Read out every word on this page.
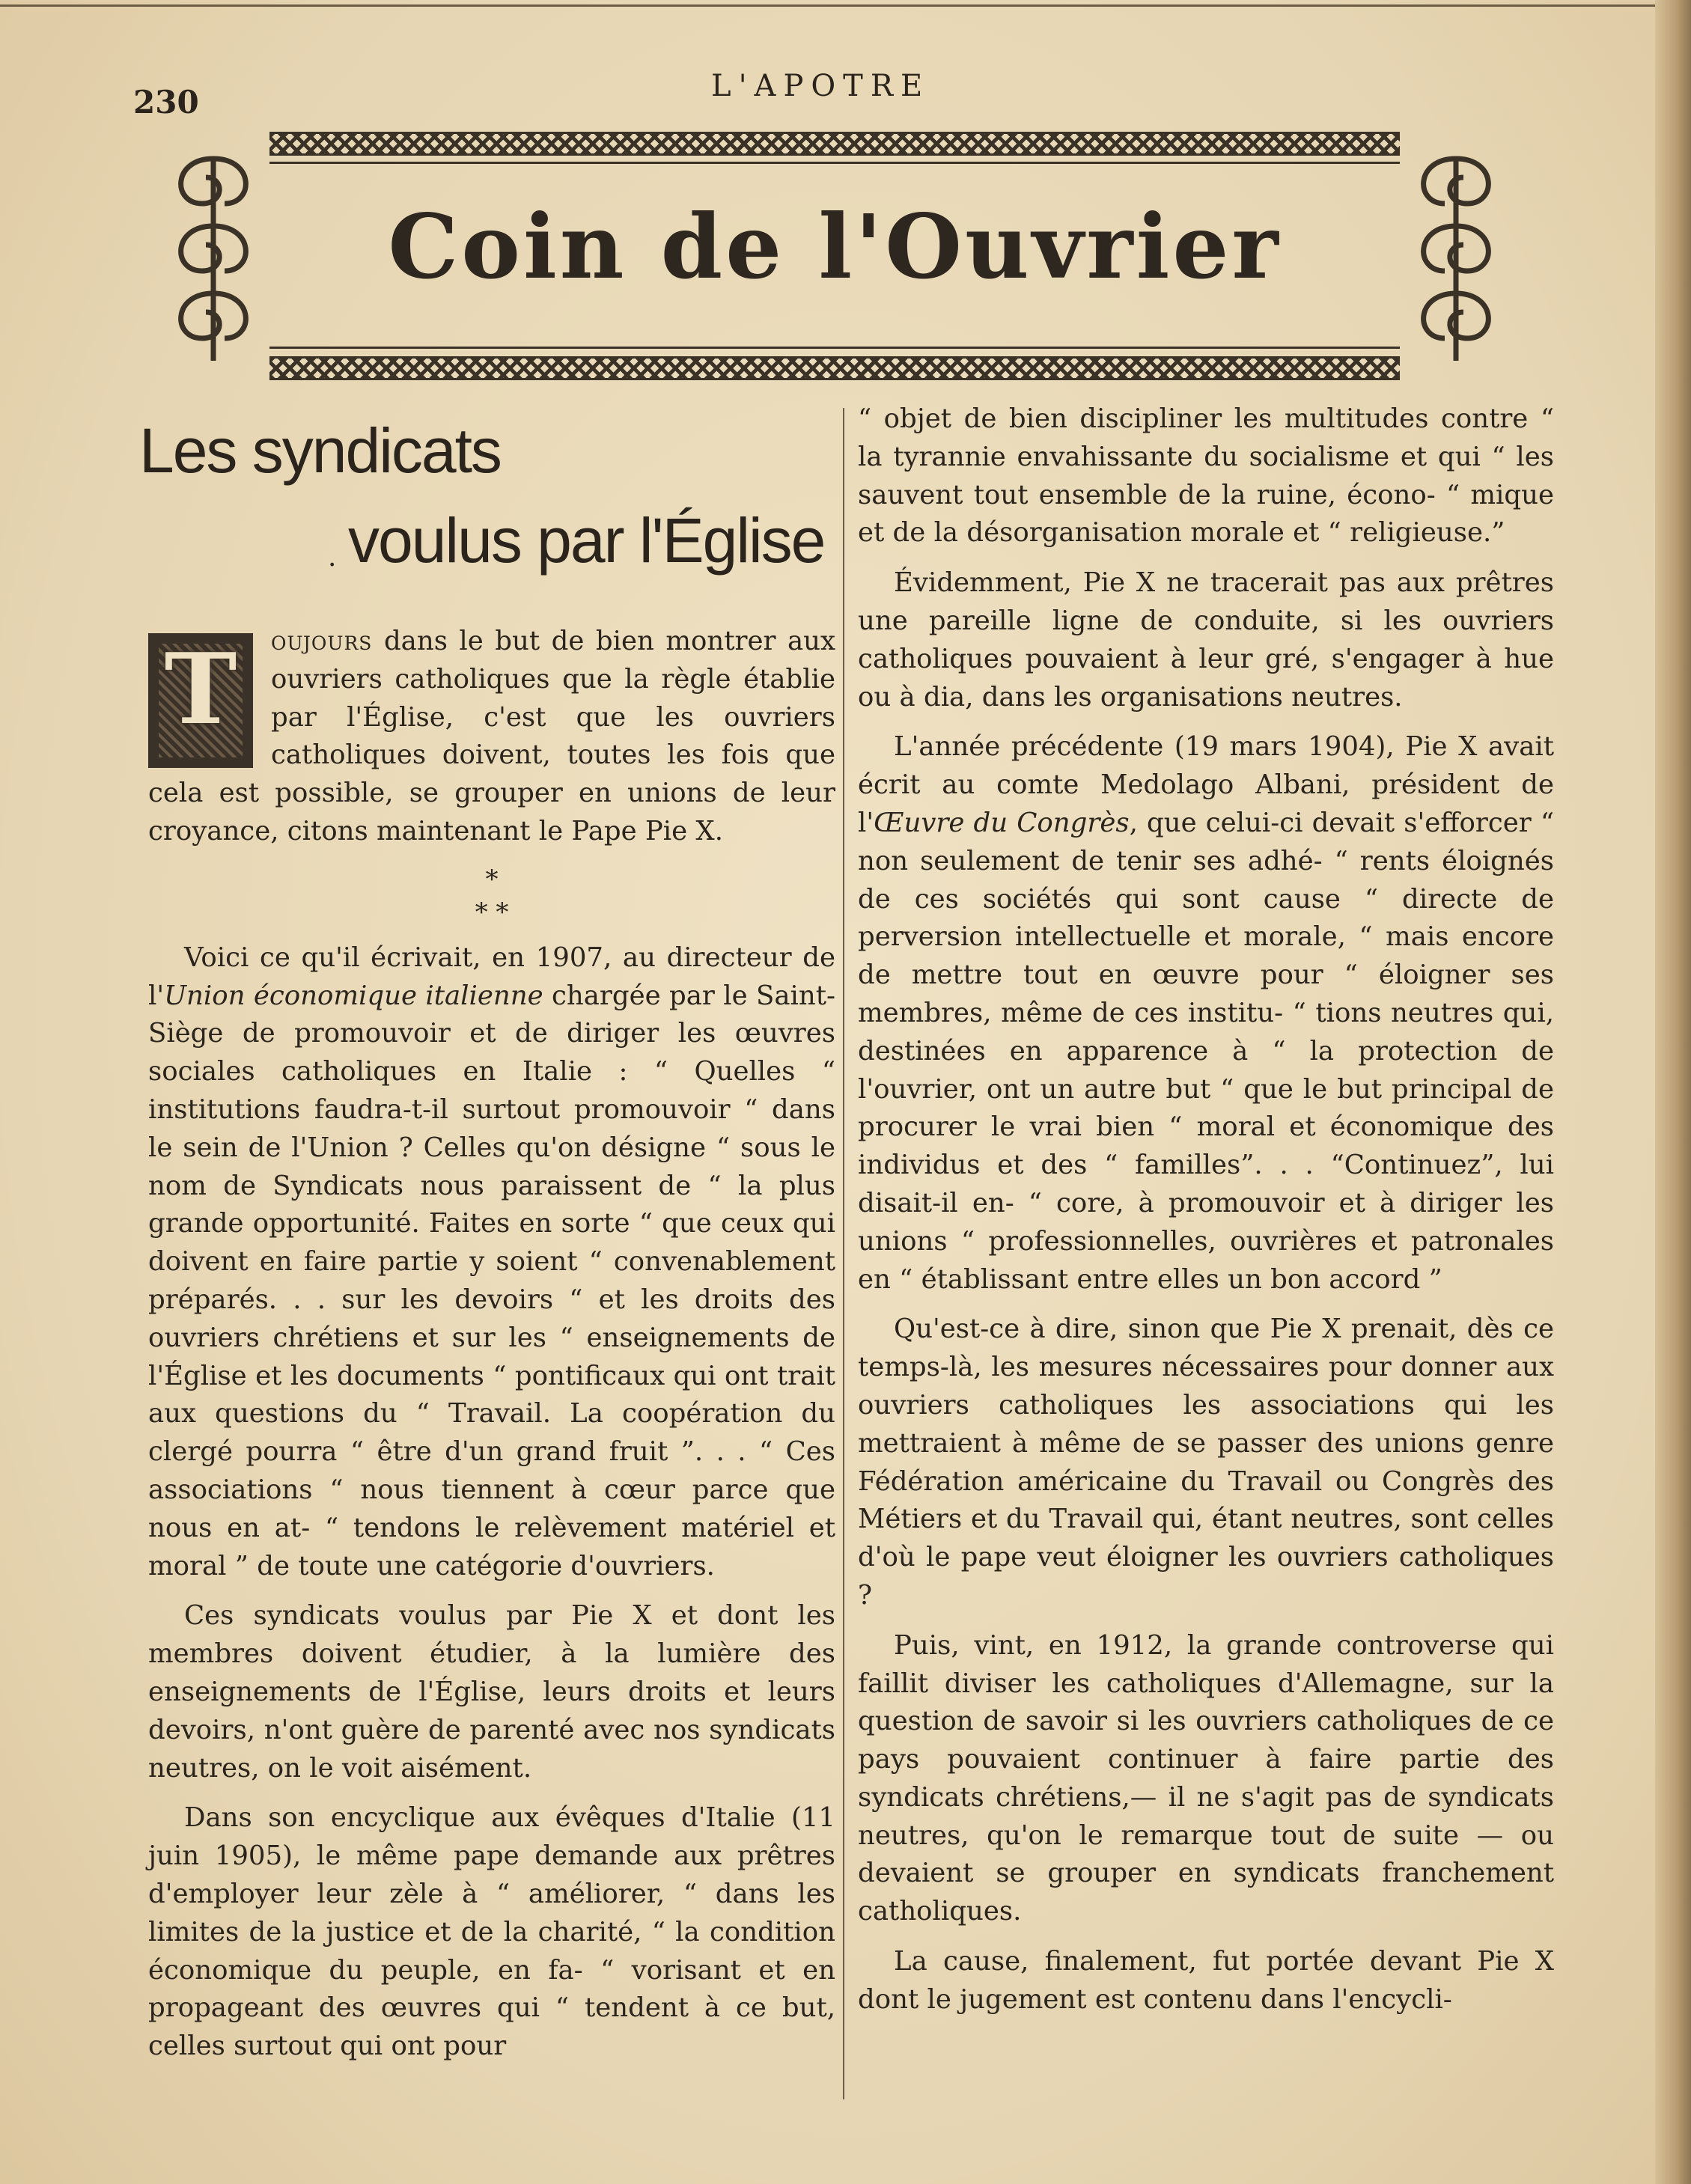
230	L'APOTRE
Coin de l'Ouvrier
Les syndicats
· voulus par l'Église

T	oujours dans le but de bien montrer aux ouvriers catholiques que la règle établie par l'Église, c'est que les ouvriers catholiques doivent, toutes les fois que cela est possible, se grouper en unions de leur croyance, citons maintenant le Pape Pie X.

*
* *

Voici ce qu'il écrivait, en 1907, au directeur de l'Union économique italienne chargée par le Saint-Siège de promouvoir et de diriger les œuvres sociales catholiques en Italie : “ Quelles “ institutions faudra-t-il surtout promouvoir “ dans le sein de l'Union ? Celles qu'on désigne “ sous le nom de Syndicats nous paraissent de “ la plus grande opportunité. Faites en sorte “ que ceux qui doivent en faire partie y soient “ convenablement préparés. . . sur les devoirs “ et les droits des ouvriers chrétiens et sur les “ enseignements de l'Église et les documents “ pontificaux qui ont trait aux questions du “ Travail. La coopération du clergé pourra “ être d'un grand fruit ”. . . “ Ces associations “ nous tiennent à cœur parce que nous en at- “ tendons le relèvement matériel et moral ” de toute une catégorie d'ouvriers.

Ces syndicats voulus par Pie X et dont les membres doivent étudier, à la lumière des enseignements de l'Église, leurs droits et leurs devoirs, n'ont guère de parenté avec nos syndicats neutres, on le voit aisément.

Dans son encyclique aux évêques d'Italie (11 juin 1905), le même pape demande aux prêtres d'employer leur zèle à “ améliorer, “ dans les limites de la justice et de la charité, “ la condition économique du peuple, en fa- “ vorisant et en propageant des œuvres qui “ tendent à ce but, celles surtout qui ont pour

“ objet de bien discipliner les multitudes contre “ la tyrannie envahissante du socialisme et qui “ les sauvent tout ensemble de la ruine, écono- “ mique et de la désorganisation morale et “ religieuse.”

Évidemment, Pie X ne tracerait pas aux prêtres une pareille ligne de conduite, si les ouvriers catholiques pouvaient à leur gré, s'engager à hue ou à dia, dans les organisations neutres.

L'année précédente (19 mars 1904), Pie X avait écrit au comte Medolago Albani, président de l'Œuvre du Congrès, que celui-ci devait s'efforcer “ non seulement de tenir ses adhé- “ rents éloignés de ces sociétés qui sont cause “ directe de perversion intellectuelle et morale, “ mais encore de mettre tout en œuvre pour “ éloigner ses membres, même de ces institu- “ tions neutres qui, destinées en apparence à “ la protection de l'ouvrier, ont un autre but “ que le but principal de procurer le vrai bien “ moral et économique des individus et des “ familles”. . . “Continuez”, lui disait-il en- “ core, à promouvoir et à diriger les unions “ professionnelles, ouvrières et patronales en “ établissant entre elles un bon accord ”

Qu'est-ce à dire, sinon que Pie X prenait, dès ce temps-là, les mesures nécessaires pour donner aux ouvriers catholiques les associations qui les mettraient à même de se passer des unions genre Fédération américaine du Travail ou Congrès des Métiers et du Travail qui, étant neutres, sont celles d'où le pape veut éloigner les ouvriers catholiques ?

Puis, vint, en 1912, la grande controverse qui faillit diviser les catholiques d'Allemagne, sur la question de savoir si les ouvriers catholiques de ce pays pouvaient continuer à faire partie des syndicats chrétiens,— il ne s'agit pas de syndicats neutres, qu'on le remarque tout de suite — ou devaient se grouper en syndicats franchement catholiques.

La cause, finalement, fut portée devant Pie X dont le jugement est contenu dans l'encycli-
